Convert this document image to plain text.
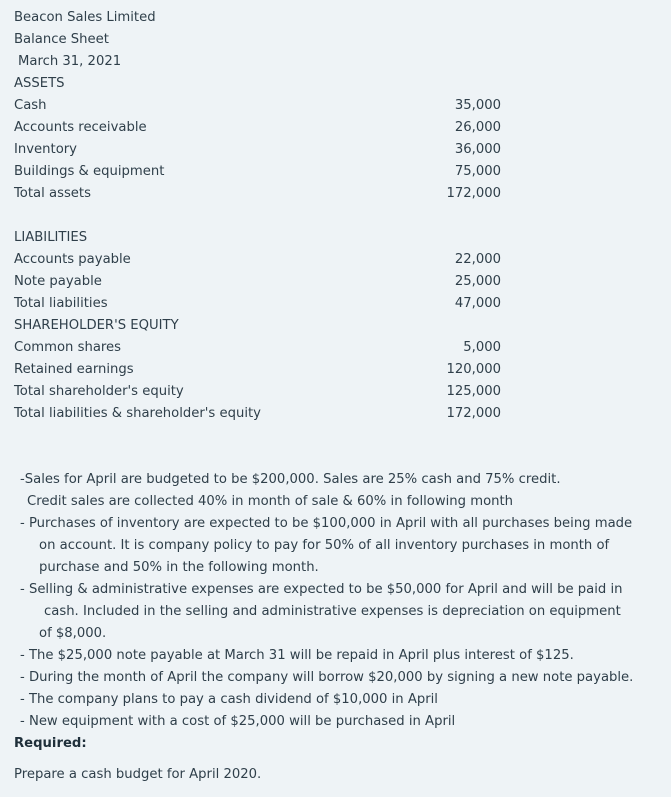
Beacon Sales Limited
Balance Sheet
March 31, 2021
ASSETS
Cash	35,000
Accounts receivable	26,000
Inventory	36,000
Buildings & equipment	75,000
Total assets	172,000
LIABILITIES
Accounts payable	22,000
Note payable	25,000
Total liabilities	47,000
SHAREHOLDER'S EQUITY
Common shares	5,000
Retained earnings	120,000
Total shareholder's equity	125,000
Total liabilities & shareholder's equity	172,000
-Sales for April are budgeted to be $200,000. Sales are 25% cash and 75% credit.
Credit sales are collected 40% in month of sale & 60% in following month
- Purchases of inventory are expected to be $100,000 in April with all purchases being made
on account. It is company policy to pay for 50% of all inventory purchases in month of
purchase and 50% in the following month.
- Selling & administrative expenses are expected to be $50,000 for April and will be paid in
cash. Included in the selling and administrative expenses is depreciation on equipment
of $8,000.
- The $25,000 note payable at March 31 will be repaid in April plus interest of $125.
- During the month of April the company will borrow $20,000 by signing a new note payable.
- The company plans to pay a cash dividend of $10,000 in April
- New equipment with a cost of $25,000 will be purchased in April
Required:
Prepare a cash budget for April 2020.
